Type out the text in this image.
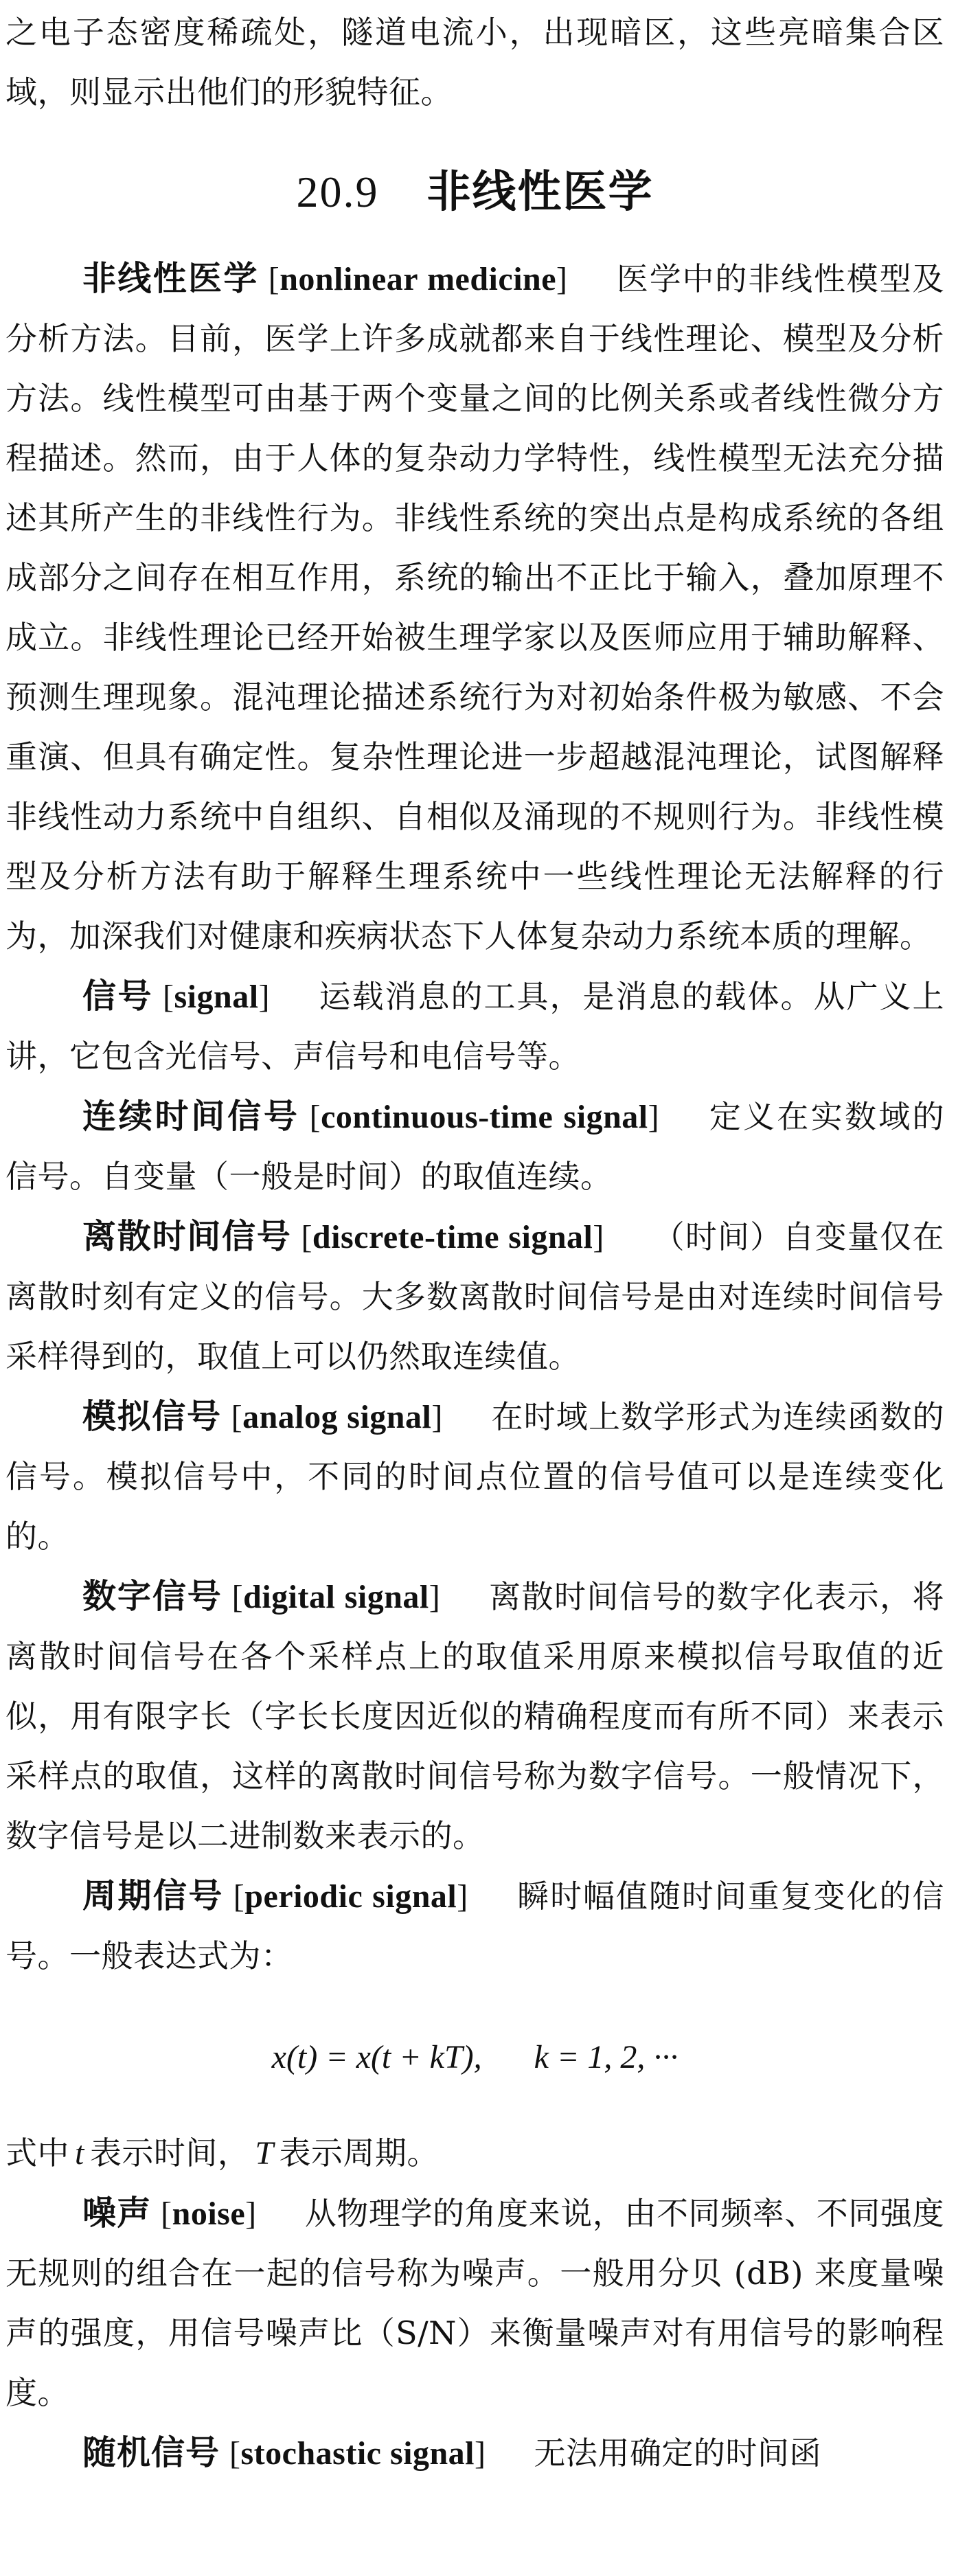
之电子态密度稀疏处，隧道电流小，出现暗区，这些亮暗集合区域，则显示出他们的形貌特征。

20.9 非线性医学

非线性医学 [nonlinear medicine] 医学中的非线性模型及分析方法。目前，医学上许多成就都来自于线性理论、模型及分析方法。线性模型可由基于两个变量之间的比例关系或者线性微分方程描述。然而，由于人体的复杂动力学特性，线性模型无法充分描述其所产生的非线性行为。非线性系统的突出点是构成系统的各组成部分之间存在相互作用，系统的输出不正比于输入，叠加原理不成立。非线性理论已经开始被生理学家以及医师应用于辅助解释、预测生理现象。混沌理论描述系统行为对初始条件极为敏感、不会重演、但具有确定性。复杂性理论进一步超越混沌理论，试图解释非线性动力系统中自组织、自相似及涌现的不规则行为。非线性模型及分析方法有助于解释生理系统中一些线性理论无法解释的行为，加深我们对健康和疾病状态下人体复杂动力系统本质的理解。

信号 [signal] 运载消息的工具，是消息的载体。从广义上讲，它包含光信号、声信号和电信号等。

连续时间信号 [continuous-time signal] 定义在实数域的信号。自变量（一般是时间）的取值连续。

离散时间信号 [discrete-time signal] （时间）自变量仅在离散时刻有定义的信号。大多数离散时间信号是由对连续时间信号采样得到的，取值上可以仍然取连续值。

模拟信号 [analog signal] 在时域上数学形式为连续函数的信号。模拟信号中，不同的时间点位置的信号值可以是连续变化的。

数字信号 [digital signal] 离散时间信号的数字化表示，将离散时间信号在各个采样点上的取值采用原来模拟信号取值的近似，用有限字长（字长长度因近似的精确程度而有所不同）来表示采样点的取值，这样的离散时间信号称为数字信号。一般情况下，数字信号是以二进制数来表示的。

周期信号 [periodic signal] 瞬时幅值随时间重复变化的信号。一般表达式为：

x(t) = x(t + kT), k = 1, 2, ···

式中 t 表示时间， T 表示周期。

噪声 [noise] 从物理学的角度来说，由不同频率、不同强度无规则的组合在一起的信号称为噪声。一般用分贝 (dB) 来度量噪声的强度，用信号噪声比（S/N）来衡量噪声对有用信号的影响程度。

随机信号 [stochastic signal] 无法用确定的时间函
